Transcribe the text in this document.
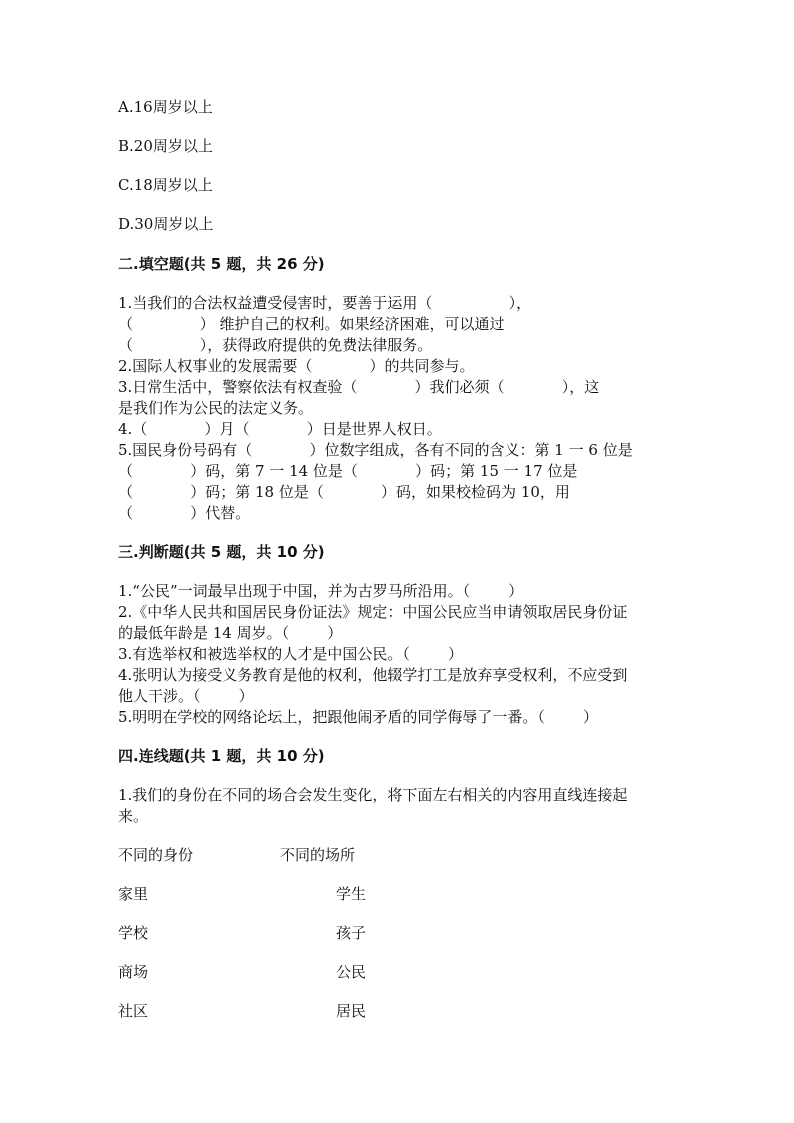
A.16周岁以上
B.20周岁以上
C.18周岁以上
D.30周岁以上
二.填空题(共 5 题，共 26 分)
1.当我们的合法权益遭受侵害时，要善于运用（                ），
（              ） 维护自己的权利。如果经济困难，可以通过
（              ），获得政府提供的免费法律服务。
2.国际人权事业的发展需要（            ）的共同参与。
3.日常生活中，警察依法有权查验（            ）我们必须（            ），这
是我们作为公民的法定义务。
4.（            ）月（            ）日是世界人权日。
5.国民身份号码有（            ）位数字组成，各有不同的含义：第 1 一 6 位是
（            ）码，第 7 一 14 位是（            ）码；第 15 一 17 位是
（            ）码；第 18 位是（            ）码，如果校检码为 10，用
（            ）代替。
三.判断题(共 5 题，共 10 分)
1.“公民”一词最早出现于中国，并为古罗马所沿用。（        ）
2.《中华人民共和国居民身份证法》规定：中国公民应当申请领取居民身份证
的最低年龄是 14 周岁。（        ）
3.有选举权和被选举权的人才是中国公民。（        ）
4.张明认为接受义务教育是他的权利，他辍学打工是放弃享受权利，不应受到
他人干涉。（        ）
5.明明在学校的网络论坛上，把跟他闹矛盾的同学侮辱了一番。（        ）
四.连线题(共 1 题，共 10 分)
1.我们的身份在不同的场合会发生变化，将下面左右相关的内容用直线连接起
来。
不同的身份	不同的场所
家里	学生
学校	孩子
商场	公民
社区	居民
